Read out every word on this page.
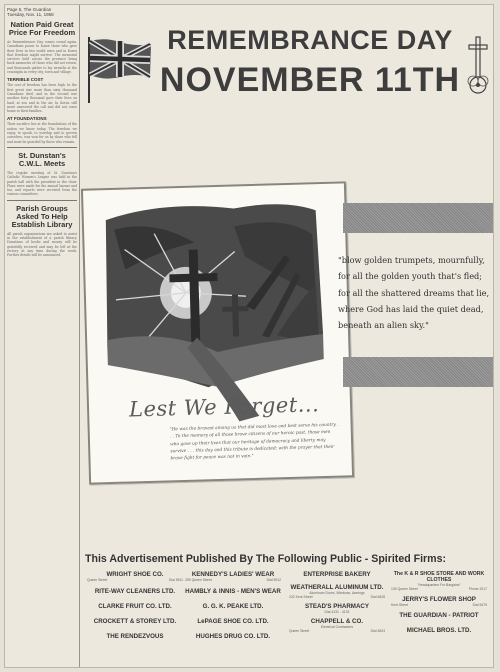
Page 6, The Guardian
Tuesday, Nov. 11, 1958
Nation Paid Great Price For Freedom

As Remembrance Day comes round again, Canadians pause to honor those who gave their lives in two world wars and in Korea that freedom might survive. The memorial services held across the province bring back memories of those who did not return, and thousands gather to lay wreaths at the cenotaphs in every city, town and village.

TERRIBLE COST

The cost of freedom has been high. In the first great war more than sixty thousand Canadians died, and in the second war another forty thousand gave their lives on land, at sea and in the air. In Korea still more answered the call and did not come home to their families.

AT FOUNDATIONS

Their sacrifice lies at the foundations of the nation we know today. The freedom we enjoy, to speak, to worship and to govern ourselves, was won for us by those who fell and must be guarded by those who remain.

St. Dunstan's C.W.L. Meets

The regular meeting of St. Dunstan's Catholic Women's League was held in the parish hall with the president in the chair. Plans were made for the annual bazaar and tea, and reports were received from the various committees.

Parish Groups Asked To Help Establish Library

All parish organizations are asked to assist in the establishment of a parish library. Donations of books and money will be gratefully received and may be left at the rectory at any time during the week. Further details will be announced.

REMEMBRANCE DAY
NOVEMBER 11TH
Lest We Forget...
"He was the bravest among us that did most love and best serve his country . . . To the memory of all those brave citizens of our heroic past, those men who gave up their lives that our heritage of democracy and liberty may survive . . . this day and this tribute is dedicated; with the prayer that their brave fight for peace was not in vain."
"blow golden trumpets, mournfully,
for all the golden youth that's fled;
for all the shattered dreams that lie,
where God has laid the quiet dead,
beneath an alien sky."
This Advertisement Published By The Following Public - Spirited Firms:
WRIGHT SHOE CO.
Queen Street	Dial 5511
RITE-WAY CLEANERS LTD.
CLARKE FRUIT CO. LTD.
CROCKETT & STOREY LTD.
THE RENDEZVOUS
KENNEDY'S LADIES' WEAR
259 Queen Street	Dial 5912
HAMBLY & INNIS - MEN'S WEAR
G. G. K. PEAKE LTD.
LePAGE SHOE CO. LTD.
HUGHES DRUG CO. LTD.
ENTERPRISE BAKERY
WEATHERALL ALUMINUM LTD.
Aluminum Doors, Windows, Awnings
232 Kent Street	Dial 6628
STEAD'S PHARMACY
Dial 4131 - 4132
CHAPPELL & CO.
Electrical Contractors
Queen Street	Dial 4824
The K & R SHOE STORE AND WORK CLOTHES
"Headquarters For Bargains"
139 Queen Street	Phone 2017
JERRY'S FLOWER SHOP
Kent Street	Dial 5479
THE GUARDIAN - PATRIOT
MICHAEL BROS. LTD.
